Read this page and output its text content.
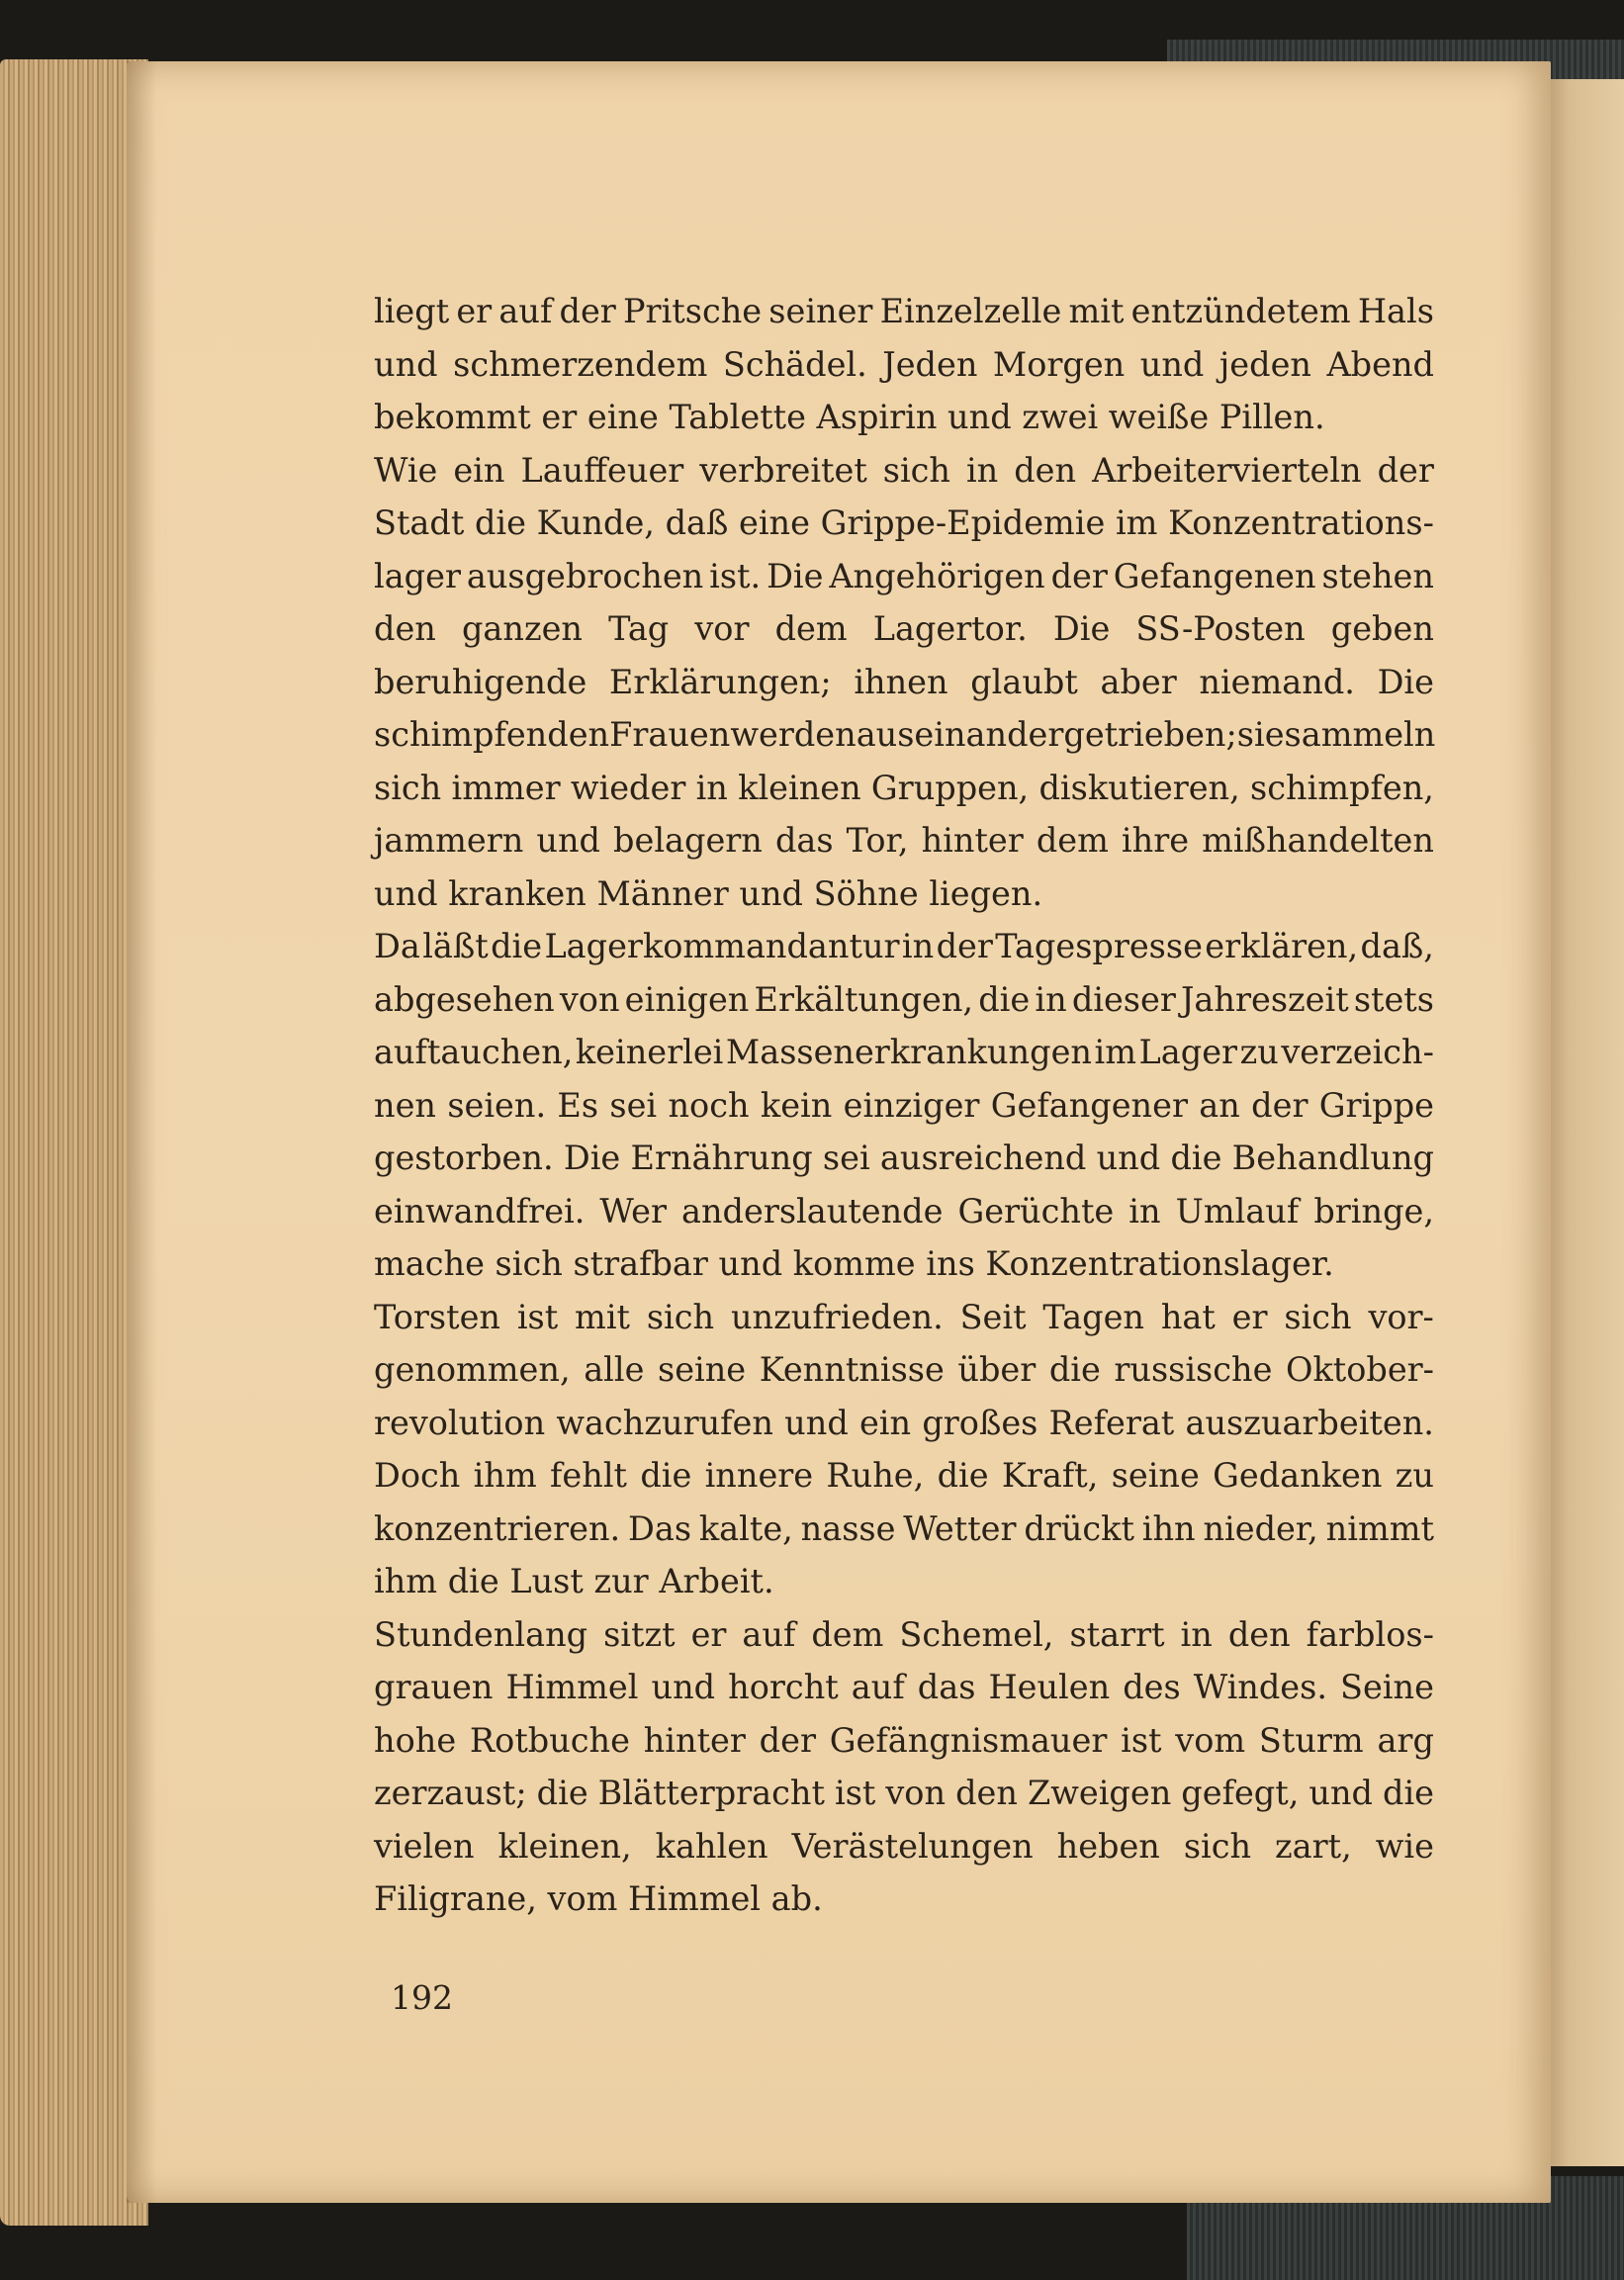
liegt er auf der Pritsche seiner Einzelzelle mit entzündetem Hals
und schmerzendem Schädel. Jeden Morgen und jeden Abend
bekommt er eine Tablette Aspirin und zwei weiße Pillen.
Wie ein Lauffeuer verbreitet sich in den Arbeitervierteln der
Stadt die Kunde, daß eine Grippe-Epidemie im Konzentrations-
lager ausgebrochen ist. Die Angehörigen der Gefangenen stehen
den ganzen Tag vor dem Lagertor. Die SS-Posten geben
beruhigende Erklärungen; ihnen glaubt aber niemand. Die
schimpfenden Frauen werden auseinandergetrieben; sie sammeln
sich immer wieder in kleinen Gruppen, diskutieren, schimpfen,
jammern und belagern das Tor, hinter dem ihre mißhandelten
und kranken Männer und Söhne liegen.
Da läßt die Lagerkommandantur in der Tagespresse erklären, daß,
abgesehen von einigen Erkältungen, die in dieser Jahreszeit stets
auftauchen, keinerlei Massenerkrankungen im Lager zu verzeich-
nen seien. Es sei noch kein einziger Gefangener an der Grippe
gestorben. Die Ernährung sei ausreichend und die Behandlung
einwandfrei. Wer anderslautende Gerüchte in Umlauf bringe,
mache sich strafbar und komme ins Konzentrationslager.
Torsten ist mit sich unzufrieden. Seit Tagen hat er sich vor-
genommen, alle seine Kenntnisse über die russische Oktober-
revolution wachzurufen und ein großes Referat auszuarbeiten.
Doch ihm fehlt die innere Ruhe, die Kraft, seine Gedanken zu
konzentrieren. Das kalte, nasse Wetter drückt ihn nieder, nimmt
ihm die Lust zur Arbeit.
Stundenlang sitzt er auf dem Schemel, starrt in den farblos-
grauen Himmel und horcht auf das Heulen des Windes. Seine
hohe Rotbuche hinter der Gefängnismauer ist vom Sturm arg
zerzaust; die Blätterpracht ist von den Zweigen gefegt, und die
vielen kleinen, kahlen Verästelungen heben sich zart, wie
Filigrane, vom Himmel ab.
192
